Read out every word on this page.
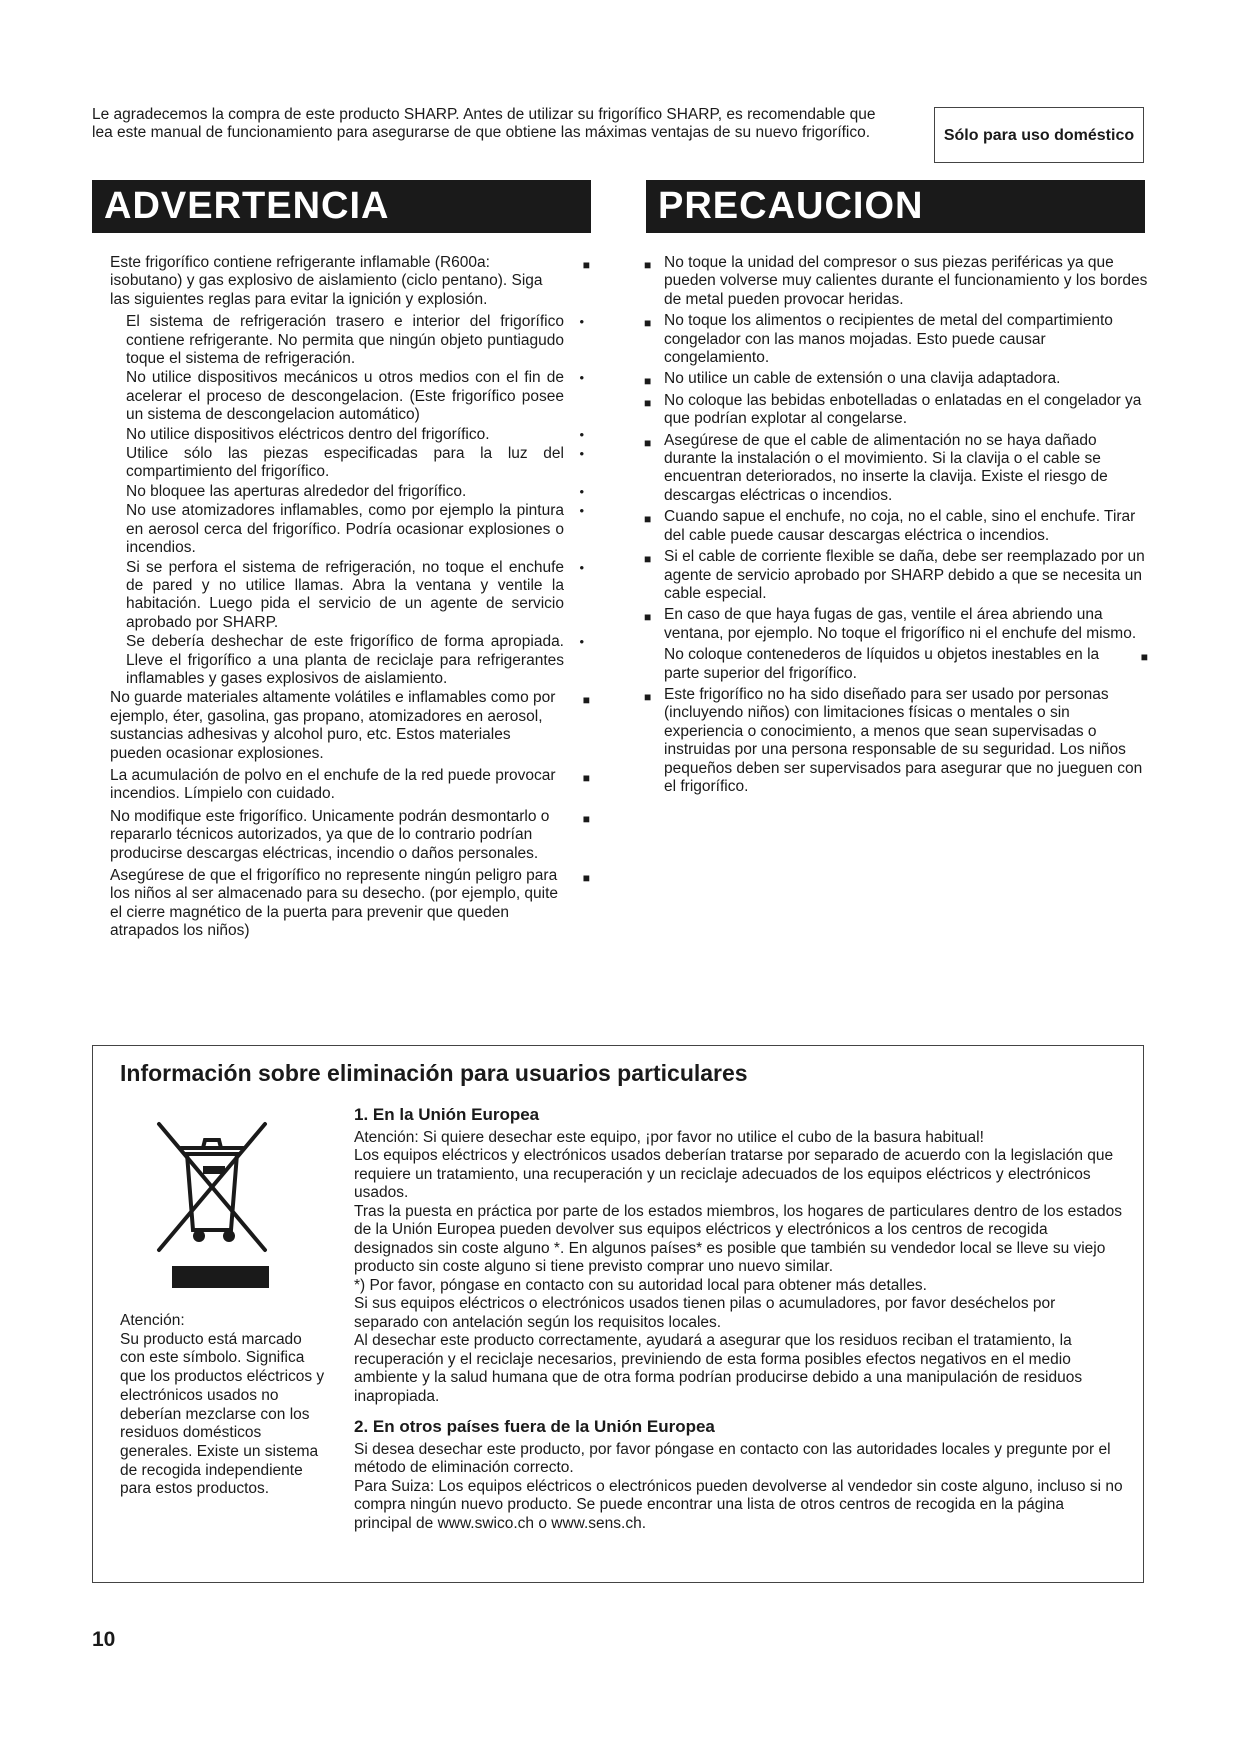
Le agradecemos la compra de este producto SHARP. Antes de utilizar su frigorífico SHARP, es recomendable que lea este manual de funcionamiento para asegurarse de que obtiene las máximas ventajas de su nuevo frigorífico.	Sólo para uso doméstico
ADVERTENCIA	PRECAUCION
Este frigorífico contiene refrigerante inflamable (R600a: isobutano) y gas explosivo de aislamiento (ciclo pentano). Siga las siguientes reglas para evitar la ignición y explosión.
■
El sistema de refrigeración trasero e interior del frigorífico contiene refrigerante. No permita que ningún objeto puntiagudo toque el sistema de refrigeración.
•
No utilice dispositivos mecánicos u otros medios con el fin de acelerar el proceso de descongelacion. (Este frigorífico posee un sistema de descongelacion automático)
•
No utilice dispositivos eléctricos dentro del frigorífico.	•
Utilice sólo las piezas especificadas para la luz del compartimiento del frigorífico.
•
No bloquee las aperturas alrededor del frigorífico.	•
No use atomizadores inflamables, como por ejemplo la pintura en aerosol cerca del frigorífico. Podría ocasionar explosiones o incendios.
•
Si se perfora el sistema de refrigeración, no toque el enchufe de pared y no utilice llamas. Abra la ventana y ventile la habitación. Luego pida el servicio de un agente de servicio aprobado por SHARP.
•
Se debería deshechar de este frigorífico de forma apropiada. Lleve el frigorífico a una planta de reciclaje para refrigerantes inflamables y gases explosivos de aislamiento.
•
No guarde materiales altamente volátiles e inflamables como por ejemplo, éter, gasolina, gas propano, atomizadores en aerosol, sustancias adhesivas y alcohol puro, etc. Estos materiales pueden ocasionar explosiones.
■
La acumulación de polvo en el enchufe de la red puede provocar incendios. Límpielo con cuidado.
■
No modifique este frigorífico. Unicamente podrán desmontarlo o repararlo técnicos autorizados, ya que de lo contrario podrían producirse descargas eléctricas, incendio o daños personales.
■
Asegúrese de que el frigorífico no represente ningún peligro para los niños al ser almacenado para su desecho. (por ejemplo, quite el cierre magnético de la puerta para prevenir que queden atrapados los niños)
■
■ No toque la unidad del compresor o sus piezas periféricas ya que pueden volverse muy calientes durante el funcionamiento y los bordes de metal pueden provocar heridas.
■ No toque los alimentos o recipientes de metal del compartimiento congelador con las manos mojadas. Esto puede causar congelamiento.
■ No utilice un cable de extensión o una clavija adaptadora.
■ No coloque las bebidas enbotelladas o enlatadas en el congelador ya que podrían explotar al congelarse.
■ Asegúrese de que el cable de alimentación no se haya dañado durante la instalación o el movimiento. Si la clavija o el cable se encuentran deteriorados, no inserte la clavija. Existe el riesgo de descargas eléctricas o incendios.
■ Cuando sapue el enchufe, no coja, no el cable, sino el enchufe. Tirar del cable puede causar descargas eléctrica o incendios.
■ Si el cable de corriente flexible se daña, debe ser reemplazado por un agente de servicio aprobado por SHARP debido a que se necesita un cable especial.
■ En caso de que haya fugas de gas, ventile el área abriendo una ventana, por ejemplo. No toque el frigorífico ni el enchufe del mismo.
No coloque contenederos de líquidos u objetos inestables en la parte superior del frigorífico.
■
■ Este frigorífico no ha sido diseñado para ser usado por personas (incluyendo niños) con limitaciones físicas o mentales o sin experiencia o conocimiento, a menos que sean supervisadas o instruidas por una persona responsable de su seguridad. Los niños pequeños deben ser supervisados para asegurar que no jueguen con el frigorífico.
Información sobre eliminación para usuarios particulares
Atención:
Su producto está marcado con este símbolo. Significa que los productos eléctricos y electrónicos usados no deberían mezclarse con los residuos domésticos generales. Existe un sistema de recogida independiente para estos productos.
1. En la Unión Europea

Atención: Si quiere desechar este equipo, ¡por favor no utilice el cubo de la basura habitual!

Los equipos eléctricos y electrónicos usados deberían tratarse por separado de acuerdo con la legislación que requiere un tratamiento, una recuperación y un reciclaje adecuados de los equipos eléctricos y electrónicos usados.

Tras la puesta en práctica por parte de los estados miembros, los hogares de particulares dentro de los estados de la Unión Europea pueden devolver sus equipos eléctricos y electrónicos a los centros de recogida designados sin coste alguno *. En algunos países* es posible que también su vendedor local se lleve su viejo producto sin coste alguno si tiene previsto comprar uno nuevo similar.

*) Por favor, póngase en contacto con su autoridad local para obtener más detalles.

Si sus equipos eléctricos o electrónicos usados tienen pilas o acumuladores, por favor deséchelos por separado con antelación según los requisitos locales.

Al desechar este producto correctamente, ayudará a asegurar que los residuos reciban el tratamiento, la recuperación y el reciclaje necesarios, previniendo de esta forma posibles efectos negativos en el medio ambiente y la salud humana que de otra forma podrían producirse debido a una manipulación de residuos inapropiada.

2. En otros países fuera de la Unión Europea

Si desea desechar este producto, por favor póngase en contacto con las autoridades locales y pregunte por el método de eliminación correcto.

Para Suiza: Los equipos eléctricos o electrónicos pueden devolverse al vendedor sin coste alguno, incluso si no compra ningún nuevo producto. Se puede encontrar una lista de otros centros de recogida en la página principal de www.swico.ch o www.sens.ch.

10
